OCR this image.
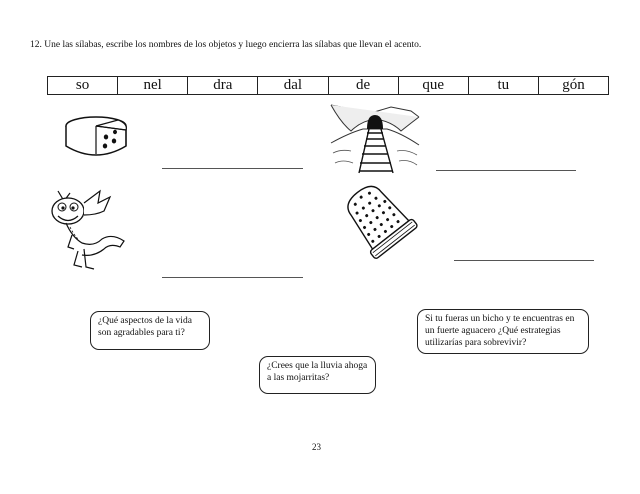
12. Une las sílabas, escribe los nombres de los objetos y luego encierra las sílabas que llevan el acento.
so	nel	dra	dal	de	que	tu	gón
¿Qué aspectos de la vida son agradables para ti?
¿Crees que la lluvia ahoga a las mojarritas?
Si tu fueras un bicho y te encuentras en un fuerte aguacero ¿Qué estrategias utilizarías para sobrevivir?
23
